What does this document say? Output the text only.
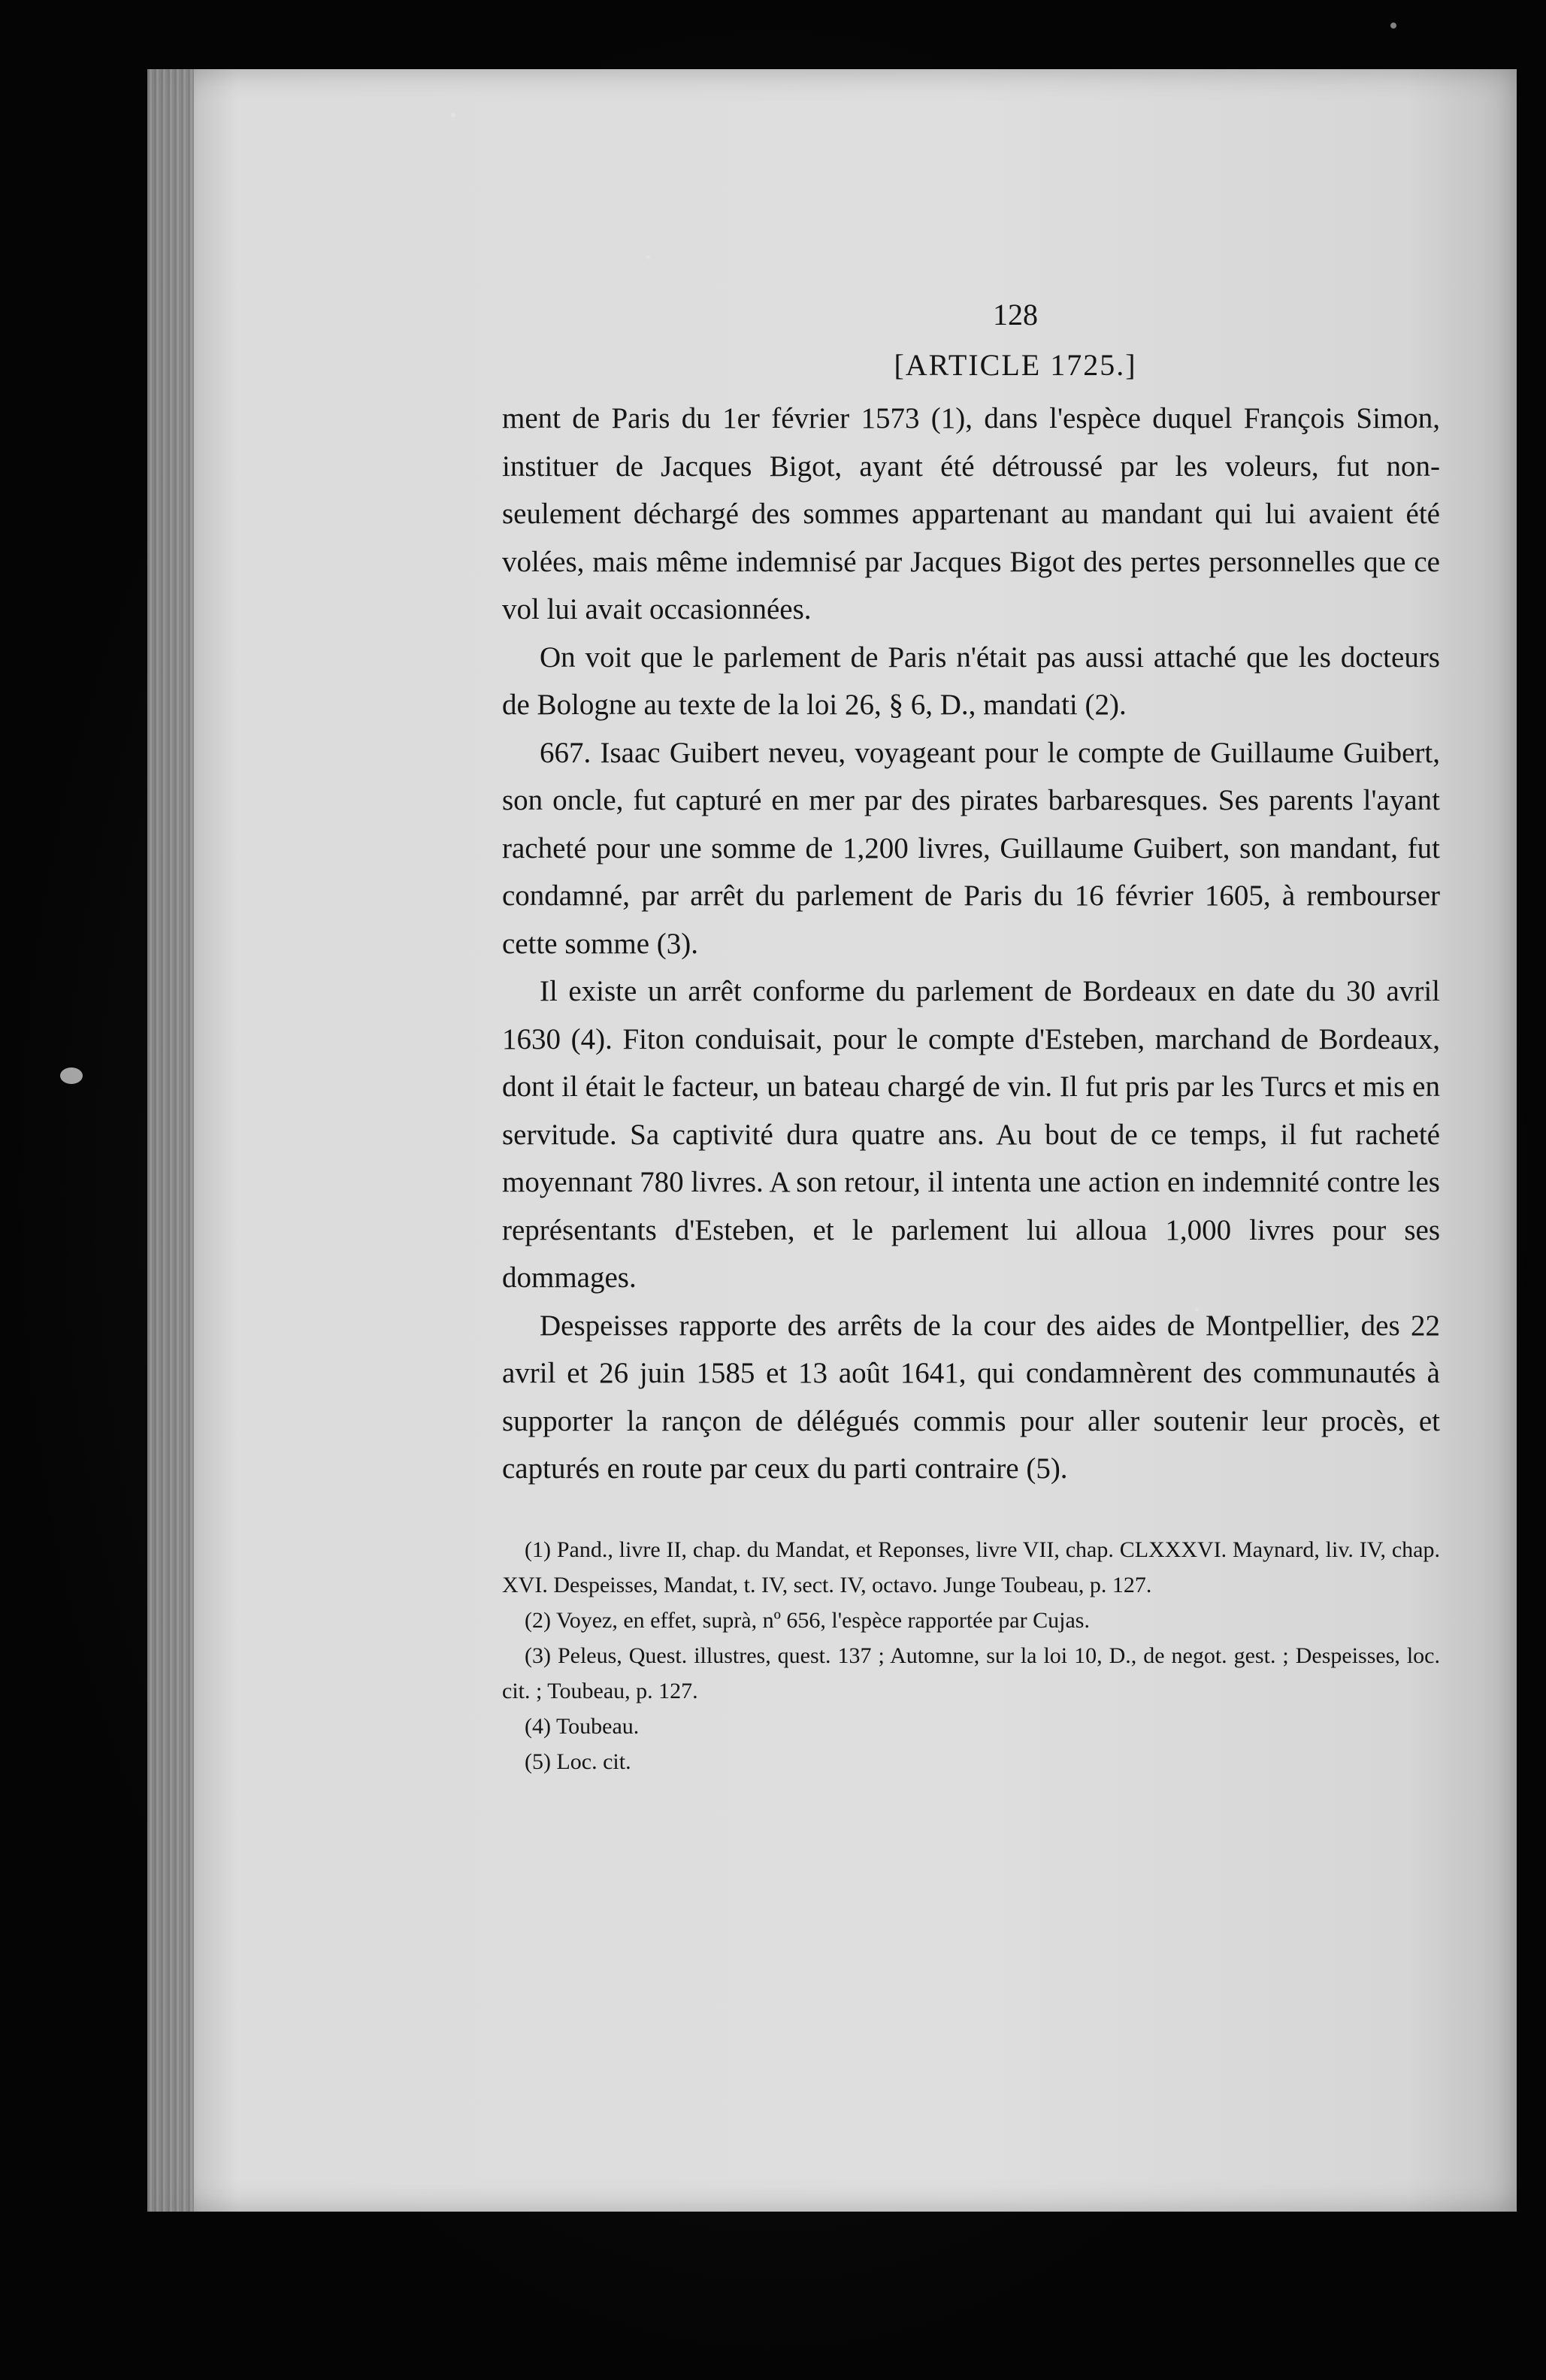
128
[ARTICLE 1725.]

ment de Paris du 1er février 1573 (1), dans l'espèce duquel François Simon, instituer de Jacques Bigot, ayant été détroussé par les voleurs, fut non-seulement déchargé des sommes appartenant au mandant qui lui avaient été volées, mais même indemnisé par Jacques Bigot des pertes personnelles que ce vol lui avait occasionnées.

On voit que le parlement de Paris n'était pas aussi attaché que les docteurs de Bologne au texte de la loi 26, § 6, D., mandati (2).

667. Isaac Guibert neveu, voyageant pour le compte de Guillaume Guibert, son oncle, fut capturé en mer par des pirates barbaresques. Ses parents l'ayant racheté pour une somme de 1,200 livres, Guillaume Guibert, son mandant, fut condamné, par arrêt du parlement de Paris du 16 février 1605, à rembourser cette somme (3).

Il existe un arrêt conforme du parlement de Bordeaux en date du 30 avril 1630 (4). Fiton conduisait, pour le compte d'Esteben, marchand de Bordeaux, dont il était le facteur, un bateau chargé de vin. Il fut pris par les Turcs et mis en servitude. Sa captivité dura quatre ans. Au bout de ce temps, il fut racheté moyennant 780 livres. A son retour, il intenta une action en indemnité contre les représentants d'Esteben, et le parlement lui alloua 1,000 livres pour ses dommages.

Despeisses rapporte des arrêts de la cour des aides de Montpellier, des 22 avril et 26 juin 1585 et 13 août 1641, qui condamnèrent des communautés à supporter la rançon de délégués commis pour aller soutenir leur procès, et capturés en route par ceux du parti contraire (5).

(1) Pand., livre II, chap. du Mandat, et Reponses, livre VII, chap. CLXXXVI. Maynard, liv. IV, chap. XVI. Despeisses, Mandat, t. IV, sect. IV, octavo. Junge Toubeau, p. 127.

(2) Voyez, en effet, suprà, nº 656, l'espèce rapportée par Cujas.

(3) Peleus, Quest. illustres, quest. 137 ; Automne, sur la loi 10, D., de negot. gest. ; Despeisses, loc. cit. ; Toubeau, p. 127.

(4) Toubeau.

(5) Loc. cit.
